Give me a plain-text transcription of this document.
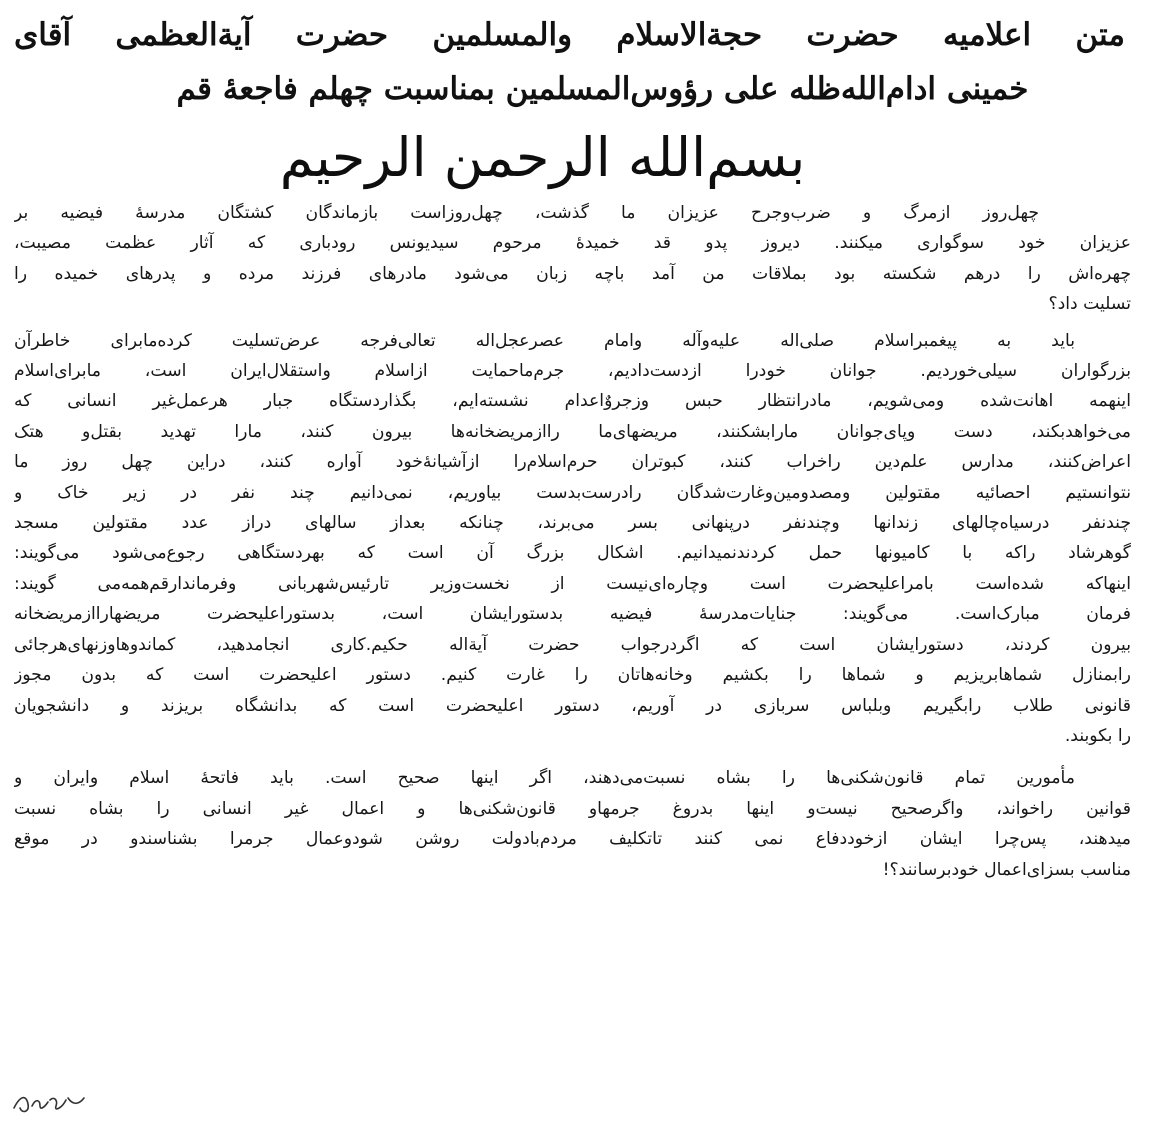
متن اعلامیه حضرت حجةالاسلام والمسلمین حضرت آیةالعظمی آقای
خمینی ادام‌الله‌ظله علی رؤوس‌المسلمین بمناسبت چهلم فاجعهٔ قم
بسم‌الله الرحمن الرحیم
چهل‌روز ازمرگ و ضرب‌وجرح عزیزان ما گذشت، چهل‌روزاست بازماندگان کشتگان مدرسهٔ فیضیه بر
عزیزان خود سوگواری میکنند. دیروز پدو قد خمیدهٔ مرحوم سیدیونس رودباری که آثار عظمت مصیبت،
چهره‌اش را درهم شکسته بود بملاقات من آمد باچه زبان می‌شود مادرهای فرزند مرده و پدرهای خمیده را
تسلیت داد؟
باید به پیغمبراسلام صلی‌اله علیه‌وآله وامام عصرعجل‌اله تعالی‌فرجه عرض‌تسلیت کرده‌مابرای خاطرآن
بزرگواران سیلی‌خوردیم. جوانان خودرا ازدست‌دادیم، جرم‌ماحمایت ازاسلام واستقلال‌ایران است، مابرای‌اسلام
اینهمه اهانت‌شده ومی‌شویم، مادرانتظار حبس وزجروٌاعدام نشسته‌ایم، بگذاردستگاه جبار هرعمل‌غیر انسانی که
می‌خواهدبکند، دست وپای‌جوانان مارابشکنند، مریضهای‌ما رااز‌مریضخانه‌ها بیرون کنند، مارا تهدید بقتل‌و هتک
اعراض‌کنند، مدارس علم‌دین راخراب کنند، کبوتران حرم‌اسلام‌را ازآشیانهٔ‌خود آواره کنند، دراین چهل روز ما
نتوانستیم احصائیه مقتولین ومصدومین‌وغارت‌شدگان رادرست‌بدست بیاوریم، نمی‌دانیم چند نفر در زیر خاک و
چندنفر درسیاه‌چالهای زندانها وچندنفر درپنهانی بسر می‌برند، چنانکه بعداز سالهای دراز عدد مقتولین مسجد
گوهرشاد راکه با کامیونها حمل کردند‌نمیدانیم. اشکال بزرگ آن است که بهردستگاهی رجوع‌می‌شود می‌گویند:
اینهاکه شده‌است بامراعلیحضرت است وچاره‌ای‌نیست از نخست‌وزیر تارئیس‌شهربانی وفرماندارقم‌همه‌می گویند:
فرمان مبارک‌است. می‌گویند: جنایات‌مدرسهٔ فیضیه بدستورایشان است، بدستوراعلیحضرت مریضهاراازمریضخانه
بیرون کردند، دستورایشان است که اگردرجواب حضرت آیةاله حکیم.کاری انجامدهید، کماندوهاوزنهای‌هرجائی
رابمنازل شماهابریزیم و شماها را بکشیم وخانه‌هاتان را غارت کنیم. دستور اعلیحضرت است که بدون مجوز
قانونی طلاب رابگیریم وبلباس سربازی در آوریم، دستور اعلیحضرت است که بدانشگاه بریزند و دانشجویان
را بکوبند.
مأمورین تمام قانون‌شکنی‌ها را بشاه نسبت‌می‌دهند، اگر اینها صحیح است. باید فاتحهٔ اسلام وایران و
قوانین راخواند، واگرصحیح نیست‌و اینها بدروغ جرمهاو قانون‌شکنی‌ها و اعمال غیر انسانی را بشاه نسبت
میدهند، پس‌چرا ایشان ازخوددفاع نمی کنند تاتکلیف مردم‌بادولت روشن شودوعمال جرمرا بشناسندو در موقع
مناسب بسزای‌اعمال خودبرسانند؟!
